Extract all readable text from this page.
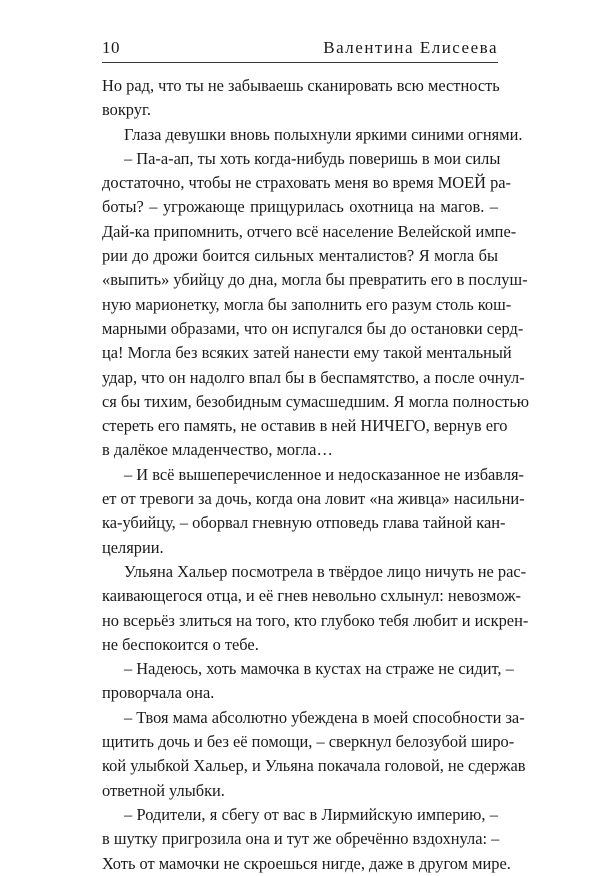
10	Валентина Елисеева
Но рад, что ты не забываешь сканировать всю местность
вокруг.
Глаза девушки вновь полыхнули яркими синими огнями.
– Па-а-ап, ты хоть когда-нибудь поверишь в мои силы
достаточно, чтобы не страховать меня во время МОЕЙ ра-
боты? – угрожающе прищурилась охотница на магов. –
Дай-ка припомнить, отчего всё население Велейской импе-
рии до дрожи боится сильных менталистов? Я могла бы
«выпить» убийцу до дна, могла бы превратить его в послуш-
ную марионетку, могла бы заполнить его разум столь кош-
марными образами, что он испугался бы до остановки серд-
ца! Могла без всяких затей нанести ему такой ментальный
удар, что он надолго впал бы в беспамятство, а после очнул-
ся бы тихим, безобидным сумасшедшим. Я могла полностью
стереть его память, не оставив в ней НИЧЕГО, вернув его
в далёкое младенчество, могла…
– И всё вышеперечисленное и недосказанное не избавля-
ет от тревоги за дочь, когда она ловит «на живца» насильни-
ка-убийцу, – оборвал гневную отповедь глава тайной кан-
целярии.
Ульяна Хальер посмотрела в твёрдое лицо ничуть не рас-
каивающегося отца, и её гнев невольно схлынул: невозмож-
но всерьёз злиться на того, кто глубоко тебя любит и искрен-
не беспокоится о тебе.
– Надеюсь, хоть мамочка в кустах на страже не сидит, –
проворчала она.
– Твоя мама абсолютно убеждена в моей способности за-
щитить дочь и без её помощи, – сверкнул белозубой широ-
кой улыбкой Хальер, и Ульяна покачала головой, не сдержав
ответной улыбки.
– Родители, я сбегу от вас в Лирмийскую империю, –
в шутку пригрозила она и тут же обречённо вздохнула: –
Хоть от мамочки не скроешься нигде, даже в другом мире.
